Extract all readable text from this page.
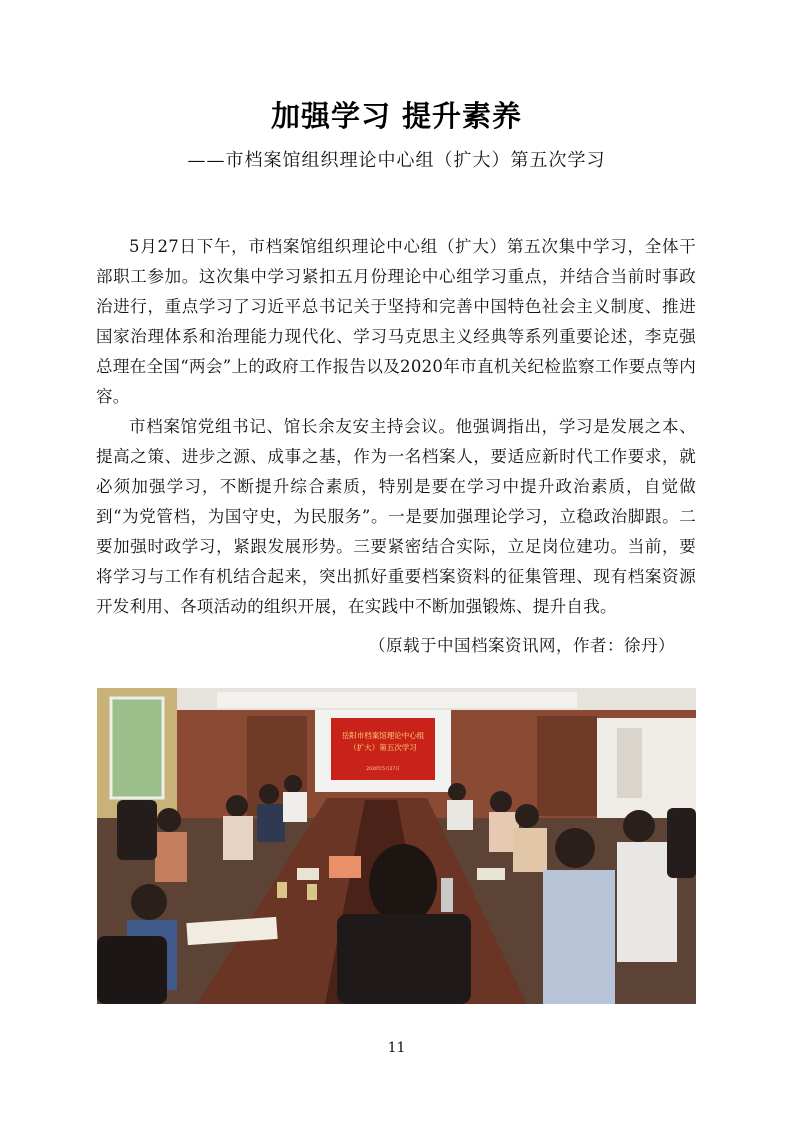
加强学习 提升素养
——市档案馆组织理论中心组（扩大）第五次学习

5月27日下午，市档案馆组织理论中心组（扩大）第五次集中学习，全体干部职工参加。这次集中学习紧扣五月份理论中心组学习重点，并结合当前时事政治进行，重点学习了习近平总书记关于坚持和完善中国特色社会主义制度、推进国家治理体系和治理能力现代化、学习马克思主义经典等系列重要论述，李克强总理在全国“两会”上的政府工作报告以及2020年市直机关纪检监察工作要点等内容。

市档案馆党组书记、馆长余友安主持会议。他强调指出，学习是发展之本、提高之策、进步之源、成事之基，作为一名档案人，要适应新时代工作要求，就必须加强学习，不断提升综合素质，特别是要在学习中提升政治素质，自觉做到“为党管档，为国守史，为民服务”。一是要加强理论学习，立稳政治脚跟。二要加强时政学习，紧跟发展形势。三要紧密结合实际，立足岗位建功。当前，要将学习与工作有机结合起来，突出抓好重要档案资料的征集管理、现有档案资源开发利用、各项活动的组织开展，在实践中不断加强锻炼、提升自我。

（原载于中国档案资讯网，作者：徐丹）
岳阳市档案馆理论中心组
（扩大）第五次学习
2020年5月27日
11
